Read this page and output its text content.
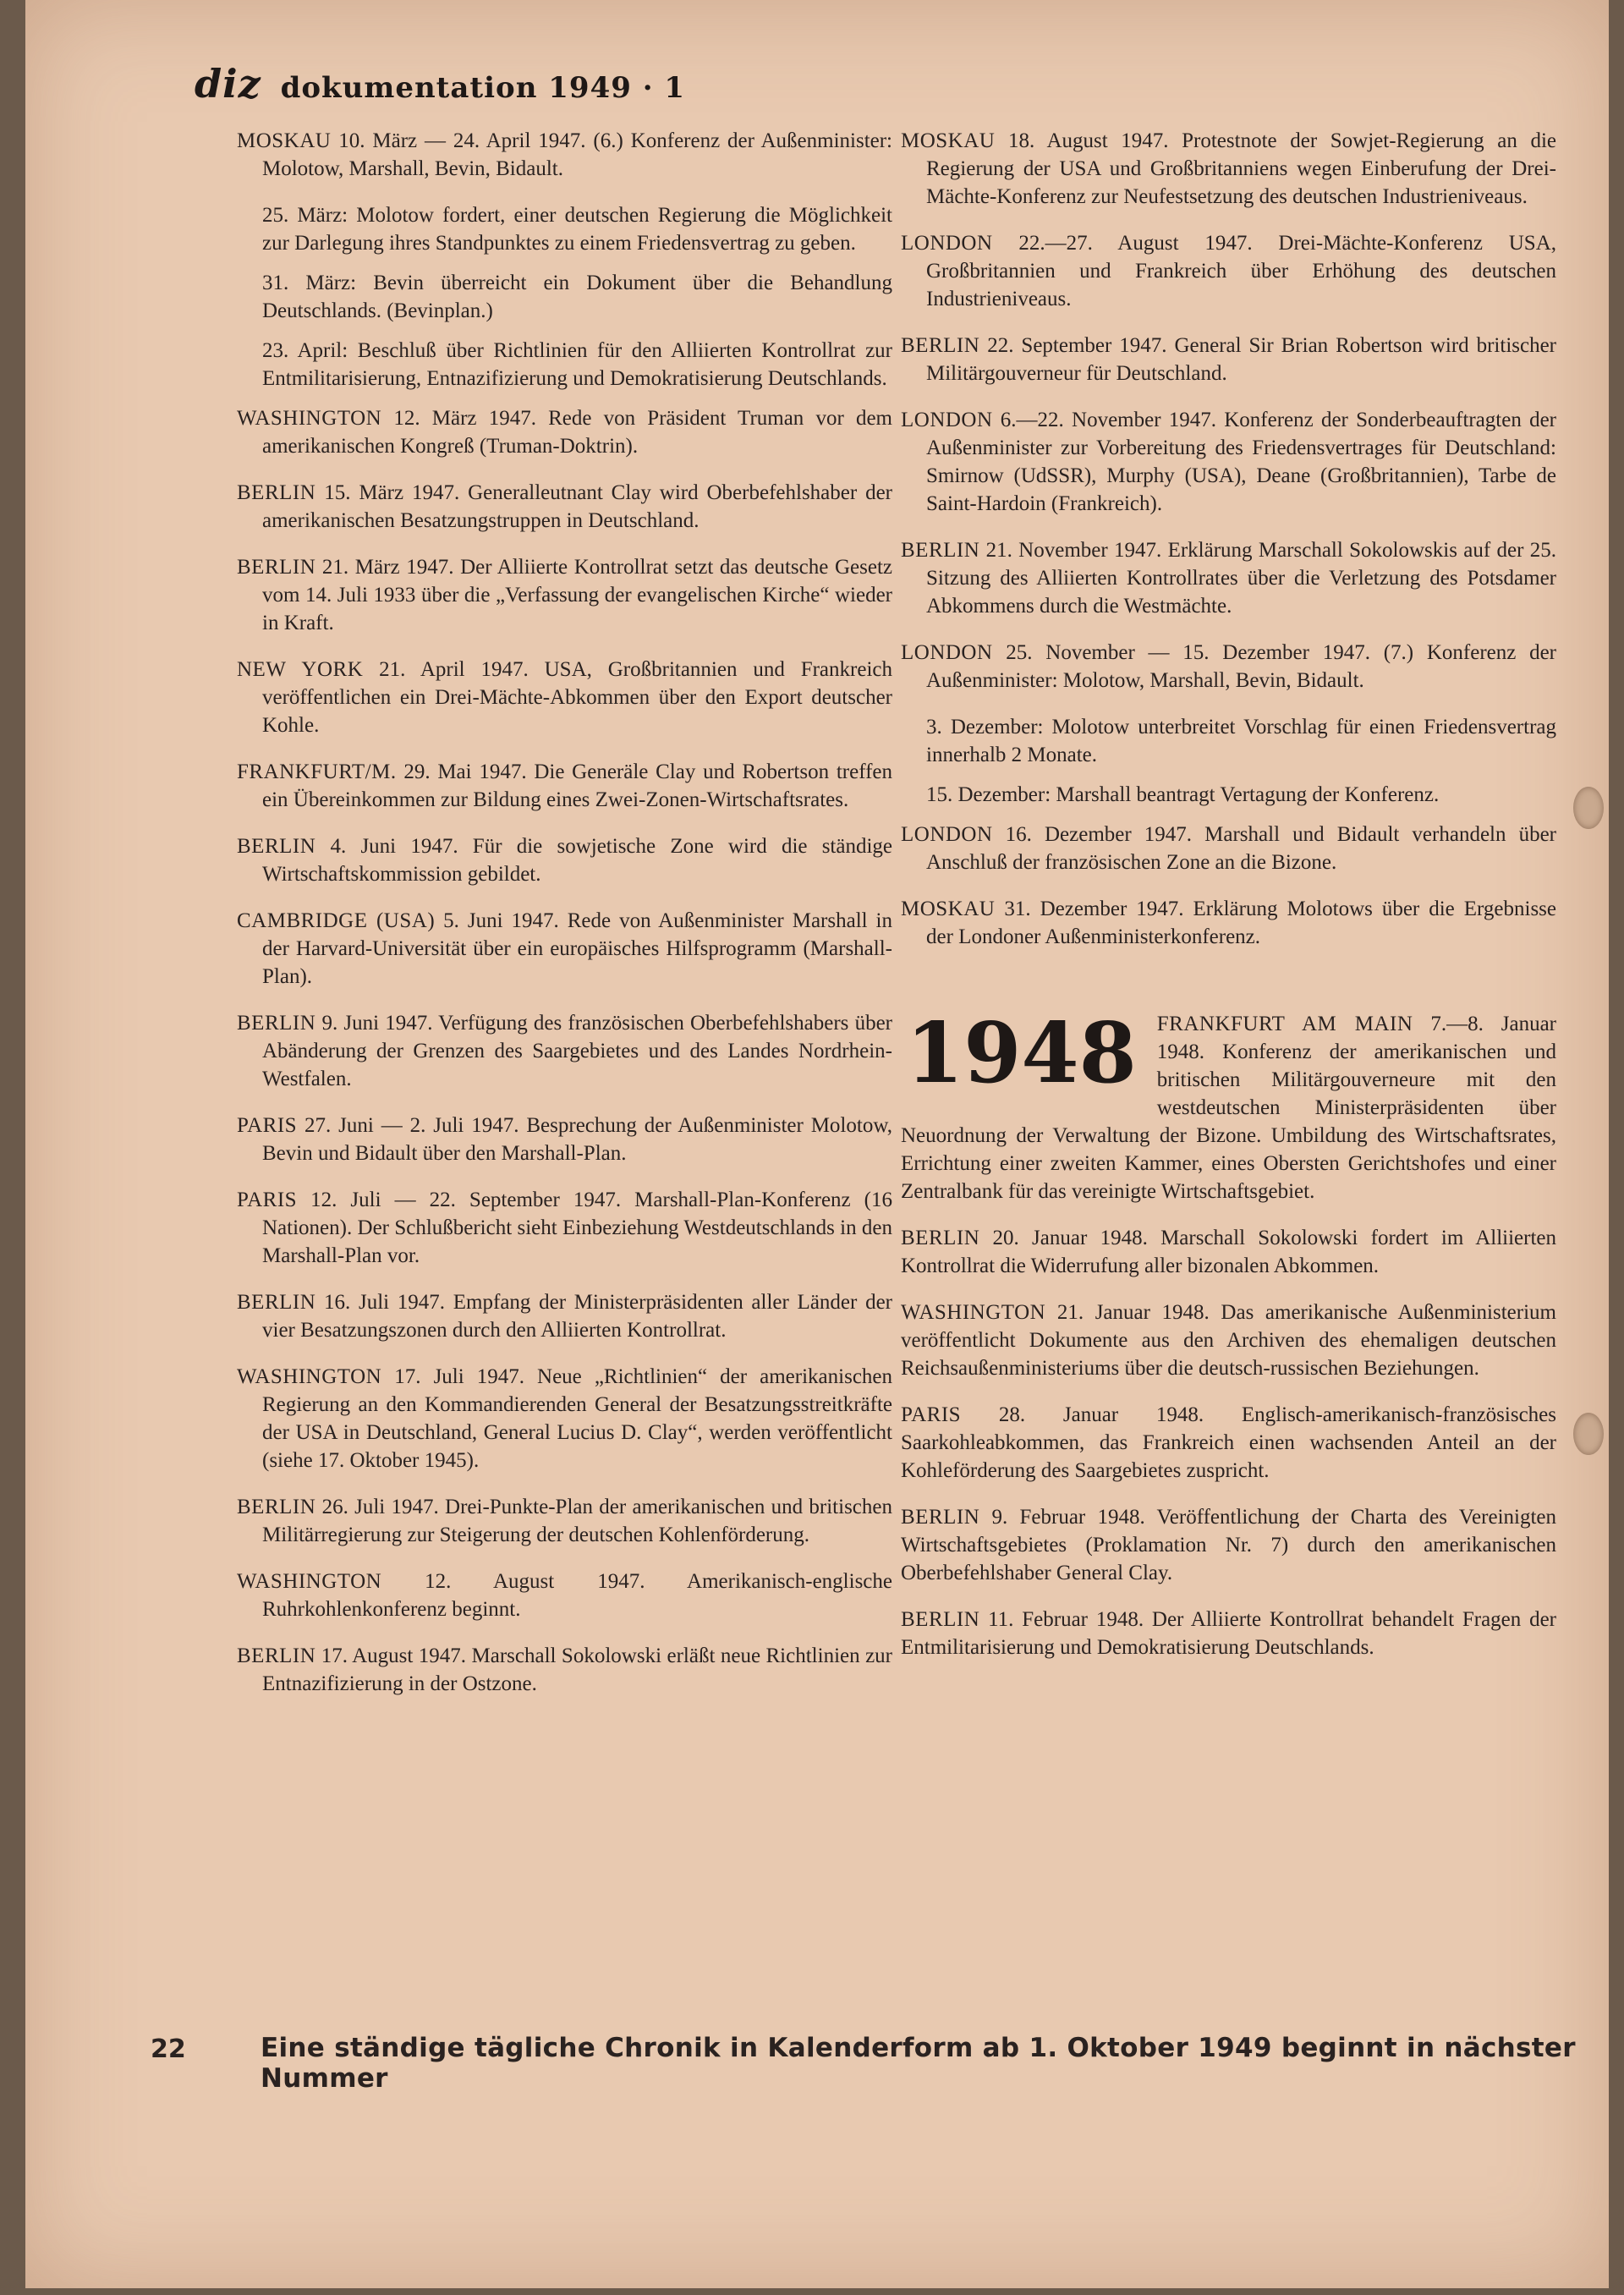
diz dokumentation 1949 · 1

MOSKAU 10. März — 24. April 1947. (6.) Konferenz der Außenminister: Molotow, Marshall, Bevin, Bidault.

25. März: Molotow fordert, einer deutschen Regierung die Möglichkeit zur Darlegung ihres Standpunktes zu einem Friedensvertrag zu geben.

31. März: Bevin überreicht ein Dokument über die Behandlung Deutschlands. (Bevinplan.)

23. April: Beschluß über Richtlinien für den Alliierten Kontrollrat zur Entmilitarisierung, Entnazifizierung und Demokratisierung Deutschlands.

WASHINGTON 12. März 1947. Rede von Präsident Truman vor dem amerikanischen Kongreß (Truman-Doktrin).

BERLIN 15. März 1947. Generalleutnant Clay wird Oberbefehlshaber der amerikanischen Besatzungstruppen in Deutschland.

BERLIN 21. März 1947. Der Alliierte Kontrollrat setzt das deutsche Gesetz vom 14. Juli 1933 über die „Verfassung der evangelischen Kirche“ wieder in Kraft.

NEW YORK 21. April 1947. USA, Großbritannien und Frankreich veröffentlichen ein Drei-Mächte-Abkommen über den Export deutscher Kohle.

FRANKFURT/M. 29. Mai 1947. Die Generäle Clay und Robertson treffen ein Übereinkommen zur Bildung eines Zwei-Zonen-Wirtschaftsrates.

BERLIN 4. Juni 1947. Für die sowjetische Zone wird die ständige Wirtschaftskommission gebildet.

CAMBRIDGE (USA) 5. Juni 1947. Rede von Außenminister Marshall in der Harvard-Universität über ein europäisches Hilfsprogramm (Marshall-Plan).

BERLIN 9. Juni 1947. Verfügung des französischen Oberbefehlshabers über Abänderung der Grenzen des Saargebietes und des Landes Nordrhein-Westfalen.

PARIS 27. Juni — 2. Juli 1947. Besprechung der Außenminister Molotow, Bevin und Bidault über den Marshall-Plan.

PARIS 12. Juli — 22. September 1947. Marshall-Plan-Konferenz (16 Nationen). Der Schlußbericht sieht Einbeziehung Westdeutschlands in den Marshall-Plan vor.

BERLIN 16. Juli 1947. Empfang der Ministerpräsidenten aller Länder der vier Besatzungszonen durch den Alliierten Kontrollrat.

WASHINGTON 17. Juli 1947. Neue „Richtlinien“ der amerikanischen Regierung an den Kommandierenden General der Besatzungsstreitkräfte der USA in Deutschland, General Lucius D. Clay“, werden veröffentlicht (siehe 17. Oktober 1945).

BERLIN 26. Juli 1947. Drei-Punkte-Plan der amerikanischen und britischen Militärregierung zur Steigerung der deutschen Kohlenförderung.

WASHINGTON 12. August 1947. Amerikanisch-englische Ruhrkohlenkonferenz beginnt.

BERLIN 17. August 1947. Marschall Sokolowski erläßt neue Richtlinien zur Entnazifizierung in der Ostzone.

MOSKAU 18. August 1947. Protestnote der Sowjet-Regierung an die Regierung der USA und Großbritanniens wegen Einberufung der Drei-Mächte-Konferenz zur Neufestsetzung des deutschen Industrieniveaus.

LONDON 22.—27. August 1947. Drei-Mächte-Konferenz USA, Großbritannien und Frankreich über Erhöhung des deutschen Industrieniveaus.

BERLIN 22. September 1947. General Sir Brian Robertson wird britischer Militärgouverneur für Deutschland.

LONDON 6.—22. November 1947. Konferenz der Sonderbeauftragten der Außenminister zur Vorbereitung des Friedensvertrages für Deutschland: Smirnow (UdSSR), Murphy (USA), Deane (Großbritannien), Tarbe de Saint-Hardoin (Frankreich).

BERLIN 21. November 1947. Erklärung Marschall Sokolowskis auf der 25. Sitzung des Alliierten Kontrollrates über die Verletzung des Potsdamer Abkommens durch die Westmächte.

LONDON 25. November — 15. Dezember 1947. (7.) Konferenz der Außenminister: Molotow, Marshall, Bevin, Bidault.

3. Dezember: Molotow unterbreitet Vorschlag für einen Friedensvertrag innerhalb 2 Monate.

15. Dezember: Marshall beantragt Vertagung der Konferenz.

LONDON 16. Dezember 1947. Marshall und Bidault verhandeln über Anschluß der französischen Zone an die Bizone.

MOSKAU 31. Dezember 1947. Erklärung Molotows über die Ergebnisse der Londoner Außenministerkonferenz.

1948 FRANKFURT AM MAIN 7.—8. Januar 1948. Konferenz der amerikanischen und britischen Militärgouverneure mit den westdeutschen Ministerpräsidenten über Neuordnung der Verwaltung der Bizone. Umbildung des Wirtschaftsrates, Errichtung einer zweiten Kammer, eines Obersten Gerichtshofes und einer Zentralbank für das vereinigte Wirtschaftsgebiet.

BERLIN 20. Januar 1948. Marschall Sokolowski fordert im Alliierten Kontrollrat die Widerrufung aller bizonalen Abkommen.

WASHINGTON 21. Januar 1948. Das amerikanische Außenministerium veröffentlicht Dokumente aus den Archiven des ehemaligen deutschen Reichsaußenministeriums über die deutsch-russischen Beziehungen.

PARIS 28. Januar 1948. Englisch-amerikanisch-französisches Saarkohleabkommen, das Frankreich einen wachsenden Anteil an der Kohleförderung des Saargebietes zuspricht.

BERLIN 9. Februar 1948. Veröffentlichung der Charta des Vereinigten Wirtschaftsgebietes (Proklamation Nr. 7) durch den amerikanischen Oberbefehlshaber General Clay.

BERLIN 11. Februar 1948. Der Alliierte Kontrollrat behandelt Fragen der Entmilitarisierung und Demokratisierung Deutschlands.

22	Eine ständige tägliche Chronik in Kalenderform ab 1. Oktober 1949 beginnt in nächster Nummer
